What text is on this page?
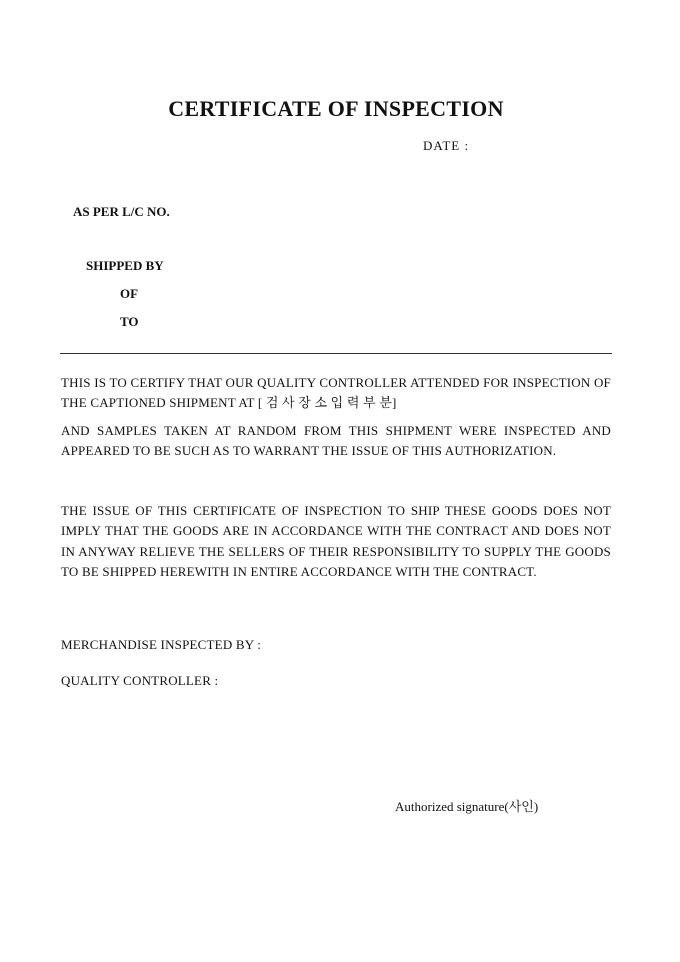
CERTIFICATE OF INSPECTION
DATE :
AS PER L/C NO.
SHIPPED BY
OF
TO
THIS IS TO CERTIFY THAT OUR QUALITY CONTROLLER ATTENDED FOR INSPECTION OF THE CAPTIONED SHIPMENT AT [ 검 사 장 소 입 력 부 분]
AND SAMPLES TAKEN AT RANDOM FROM THIS SHIPMENT WERE INSPECTED AND APPEARED TO BE SUCH AS TO WARRANT THE ISSUE OF THIS AUTHORIZATION.
THE ISSUE OF THIS CERTIFICATE OF INSPECTION TO SHIP THESE GOODS DOES NOT IMPLY THAT THE GOODS ARE IN ACCORDANCE WITH THE CONTRACT AND DOES NOT IN ANYWAY RELIEVE THE SELLERS OF THEIR RESPONSIBILITY TO SUPPLY THE GOODS TO BE SHIPPED HEREWITH IN ENTIRE ACCORDANCE WITH THE CONTRACT.
MERCHANDISE INSPECTED BY :
QUALITY CONTROLLER :
Authorized signature(사인)
